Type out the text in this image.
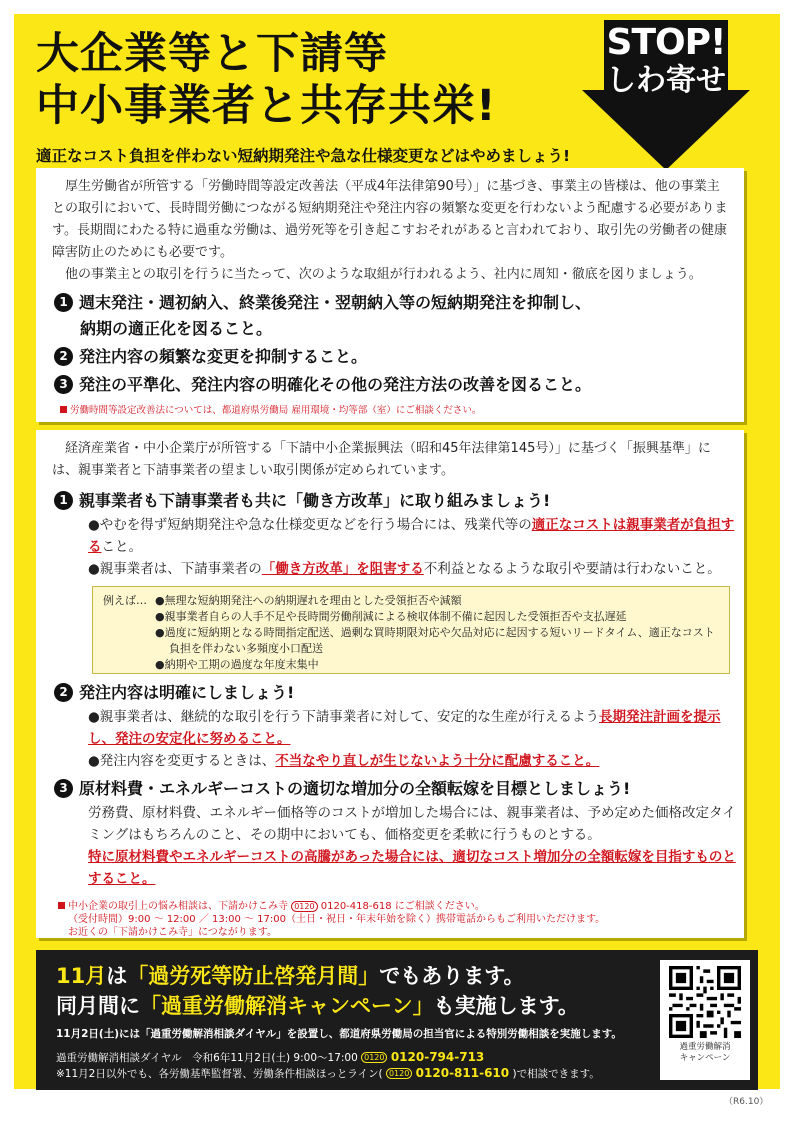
大企業等と下請等
中小事業者と共存共栄!
STOP!
しわ寄せ
適正なコスト負担を伴わない短納期発注や急な仕様変更などはやめましょう!

厚生労働省が所管する「労働時間等設定改善法（平成4年法律第90号）」に基づき、事業主の皆様は、他の事業主との取引において、長時間労働につながる短納期発注や発注内容の頻繁な変更を行わないよう配慮する必要があります。長期間にわたる特に過重な労働は、過労死等を引き起こすおそれがあると言われており、取引先の労働者の健康障害防止のためにも必要です。

他の事業主との取引を行うに当たって、次のような取組が行われるよう、社内に周知・徹底を図りましょう。

1 週末発注・週初納入、終業後発注・翌朝納入等の短納期発注を抑制し、
納期の適正化を図ること。
2 発注内容の頻繁な変更を抑制すること。
3 発注の平準化、発注内容の明確化その他の発注方法の改善を図ること。
労働時間等設定改善法については、都道府県労働局 雇用環境・均等部（室）にご相談ください。

経済産業省・中小企業庁が所管する「下請中小企業振興法（昭和45年法律第145号）」に基づく「振興基準」には、親事業者と下請事業者の望ましい取引関係が定められています。

1 親事業者も下請事業者も共に「働き方改革」に取り組みましょう!
●やむを得ず短納期発注や急な仕様変更などを行う場合には、残業代等の適正なコストは親事業者が負担すること。
●親事業者は、下請事業者の「働き方改革」を阻害する不利益となるような取引や要請は行わないこと。
例えば… ●無理な短納期発注への納期遅れを理由とした受領拒否や減額
●親事業者自らの人手不足や長時間労働削減による検収体制不備に起因した受領拒否や支払遅延
●過度に短納期となる時間指定配送、過剰な買時期限対応や欠品対応に起因する短いリードタイム、適正なコスト負担を伴わない多頻度小口配送
●納期や工期の過度な年度末集中
2 発注内容は明確にしましょう!
●親事業者は、継続的な取引を行う下請事業者に対して、安定的な生産が行えるよう長期発注計画を提示し、発注の安定化に努めること。
●発注内容を変更するときは、不当なやり直しが生じないよう十分に配慮すること。
3 原材料費・エネルギーコストの適切な増加分の全額転嫁を目標としましょう!
労務費、原材料費、エネルギー価格等のコストが増加した場合には、親事業者は、予め定めた価格改定タイミングはもちろんのこと、その期中においても、価格変更を柔軟に行うものとする。
特に原材料費やエネルギーコストの高騰があった場合には、適切なコスト増加分の全額転嫁を目指すものとすること。
中小企業の取引上の悩み相談は、下請かけこみ寺 0120 0120-418-618 にご相談ください。
（受付時間）9:00 ～ 12:00 ／ 13:00 ～ 17:00（土日・祝日・年末年始を除く）携帯電話からもご利用いただけます。
お近くの「下請かけこみ寺」につながります。
11月は「過労死等防止啓発月間」でもあります。
同月間に「過重労働解消キャンペーン」も実施します。
11月2日(土)には「過重労働解消相談ダイヤル」を設置し、都道府県労働局の担当官による特別労働相談を実施します。
過重労働解消相談ダイヤル　令和6年11月2日(土) 9:00～17:00 0120 0120-794-713
※11月2日以外でも、各労働基準監督署、労働条件相談ほっとライン( 0120 0120-811-610 )で相談できます。
過重労働解消
キャンペーン
（R6.10）
